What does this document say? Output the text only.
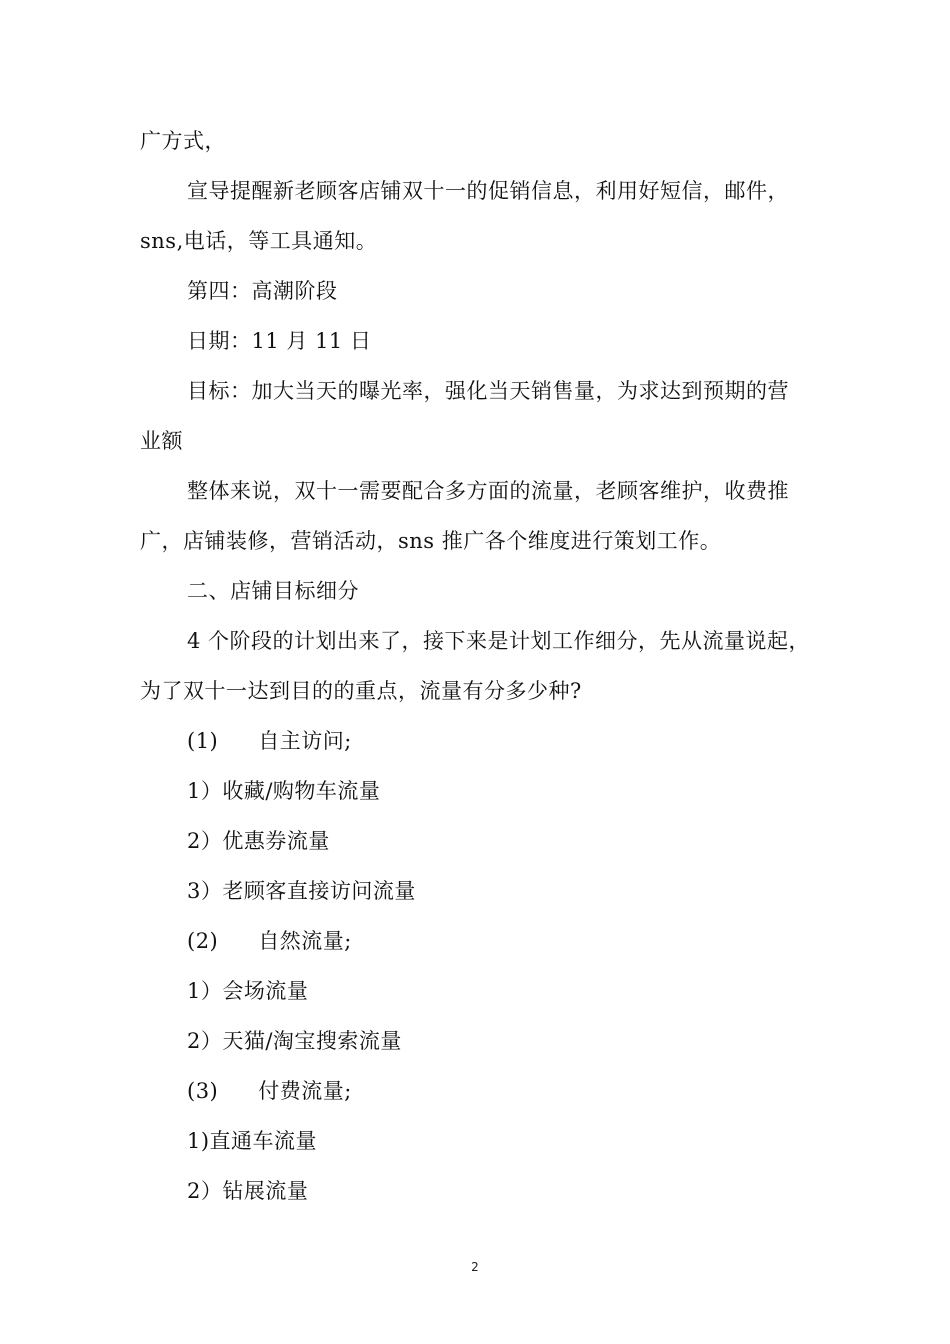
广方式，
宣导提醒新老顾客店铺双十一的促销信息，利用好短信，邮件，
sns,电话，等工具通知。
第四：高潮阶段
日期：11 月 11 日
目标：加大当天的曝光率，强化当天销售量，为求达到预期的营
业额
整体来说，双十一需要配合多方面的流量，老顾客维护，收费推
广，店铺装修，营销活动，sns 推广各个维度进行策划工作。
二、店铺目标细分
4 个阶段的计划出来了，接下来是计划工作细分，先从流量说起，
为了双十一达到目的的重点，流量有分多少种?
(1) 自主访问;
1）收藏/购物车流量
2）优惠券流量
3）老顾客直接访问流量
(2) 自然流量;
1）会场流量
2）天猫/淘宝搜索流量
(3) 付费流量;
1)直通车流量
2）钻展流量
2
